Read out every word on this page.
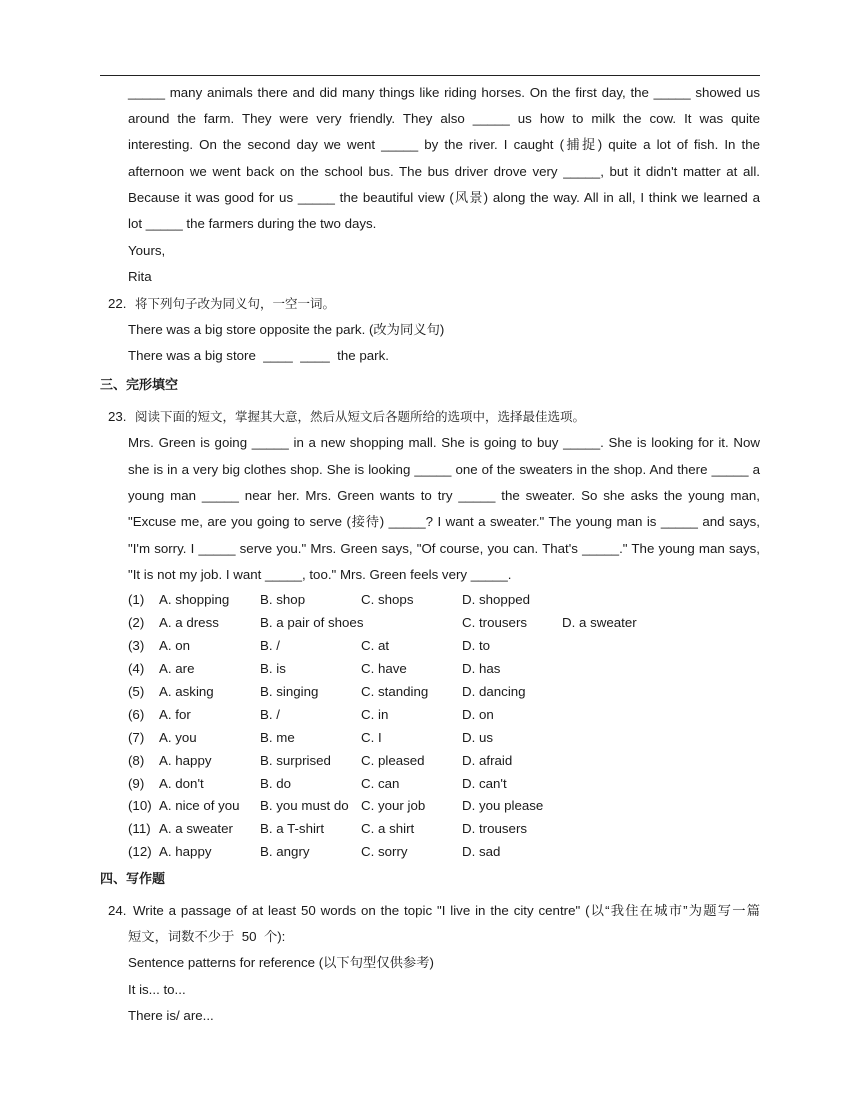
_____ many animals there and did many things like riding horses. On the first day, the _____ showed us
around the farm. They were very friendly. They also _____ us how to milk the cow. It was quite
interesting. On the second day we went _____ by the river. I caught (捕捉) quite a lot of fish. In the
afternoon we went back on the school bus. The bus driver drove very _____, but it didn't matter at all.
Because it was good for us _____ the beautiful view (风景) along the way. All in all, I think we learned a
lot _____ the farmers during the two days.
Yours,
Rita
22. 将下列句子改为同义句，一空一词。
There was a big store opposite the park. (改为同义句)
There was a big store  ____  ____  the park.
三、完形填空
23. 阅读下面的短文，掌握其大意，然后从短文后各题所给的选项中，选择最佳选项。
Mrs. Green is going _____ in a new shopping mall. She is going to buy _____. She is looking for it. Now
she is in a very big clothes shop. She is looking _____ one of the sweaters in the shop. And there _____ a
young man _____ near her. Mrs. Green wants to try _____ the sweater. So she asks the young man,
"Excuse me, are you going to serve (接待) _____? I want a sweater." The young man is _____ and says,
"I'm sorry. I _____ serve you." Mrs. Green says, "Of course, you can. That's _____." The young man says,
"It is not my job. I want _____, too." Mrs. Green feels very _____.
(1) A. shopping B. shop	C. shops	D. shopped
(2) A. a dress	B. a pair of shoes	C. trousers	D. a sweater
(3) A. on	B. /	C. at	D. to
(4) A. are	B. is	C. have	D. has
(5) A. asking	B. singing	C. standing	D. dancing
(6) A. for	B. /	C. in	D. on
(7) A. you	B. me	C. I	D. us
(8) A. happy	B. surprised C. pleased	D. afraid
(9) A. don't	B. do	C. can	D. can't
(10) A. nice of you B. you must do C. your job	D. you please
(11) A. a sweater B. a T-shirt	C. a shirt	D. trousers
(12) A. happy	B. angry	C. sorry	D. sad
四、写作题
24. Write a passage of at least 50 words on the topic "I live in the city centre" (以“我住在城市”为题写一篇
短文，词数不少于  50  个):
Sentence patterns for reference (以下句型仅供参考)
It is... to...
There is/ are...
